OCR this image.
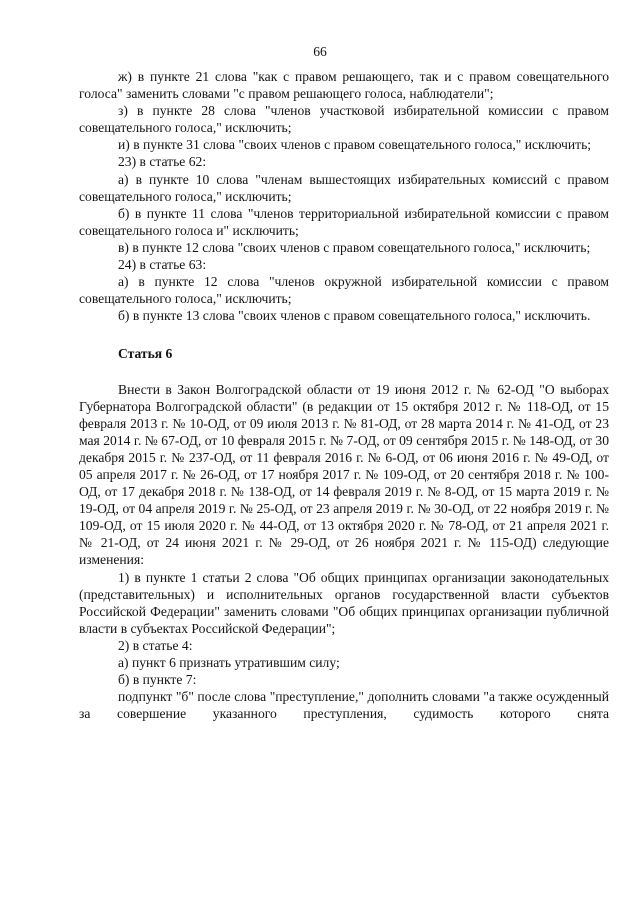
66

ж) в пункте 21 слова "как с правом решающего, так и с правом совещательного голоса" заменить словами "с правом решающего голоса, наблюдатели";

з) в пункте 28 слова "членов участковой избирательной комиссии с правом совещательного голоса," исключить;

и) в пункте 31 слова "своих членов с правом совещательного голоса," исключить;

23) в статье 62:

а) в пункте 10 слова "членам вышестоящих избирательных комиссий с правом совещательного голоса," исключить;

б) в пункте 11 слова "членов территориальной избирательной комиссии с правом совещательного голоса и" исключить;

в) в пункте 12 слова "своих членов с правом совещательного голоса," исключить;

24) в статье 63:

а) в пункте 12 слова "членов окружной избирательной комиссии с правом совещательного голоса," исключить;

б) в пункте 13 слова "своих членов с правом совещательного голоса," исключить.

Статья 6

Внести в Закон Волгоградской области от 19 июня 2012 г. № 62-ОД "О выборах Губернатора Волгоградской области" (в редакции от 15 октября 2012 г. № 118-ОД, от 15 февраля 2013 г. № 10-ОД, от 09 июля 2013 г. № 81-ОД, от 28 марта 2014 г. № 41-ОД, от 23 мая 2014 г. № 67-ОД, от 10 февраля 2015 г. № 7-ОД, от 09 сентября 2015 г. № 148-ОД, от 30 декабря 2015 г. № 237-ОД, от 11 февраля 2016 г. № 6-ОД, от 06 июня 2016 г. № 49-ОД, от 05 апреля 2017 г. № 26-ОД, от 17 ноября 2017 г. № 109-ОД, от 20 сентября 2018 г. № 100-ОД, от 17 декабря 2018 г. № 138-ОД, от 14 февраля 2019 г. № 8-ОД, от 15 марта 2019 г. № 19-ОД, от 04 апреля 2019 г. № 25-ОД, от 23 апреля 2019 г. № 30-ОД, от 22 ноября 2019 г. № 109-ОД, от 15 июля 2020 г. № 44-ОД, от 13 октября 2020 г. № 78-ОД, от 21 апреля 2021 г. № 21-ОД, от 24 июня 2021 г. № 29-ОД, от 26 ноября 2021 г. № 115-ОД) следующие изменения:

1) в пункте 1 статьи 2 слова "Об общих принципах организации законодательных (представительных) и исполнительных органов государственной власти субъектов Российской Федерации" заменить словами "Об общих принципах организации публичной власти в субъектах Российской Федерации";

2) в статье 4:

а) пункт 6 признать утратившим силу;

б) в пункте 7:

подпункт "б" после слова "преступление," дополнить словами "а также осужденный за совершение указанного преступления, судимость которого снята
